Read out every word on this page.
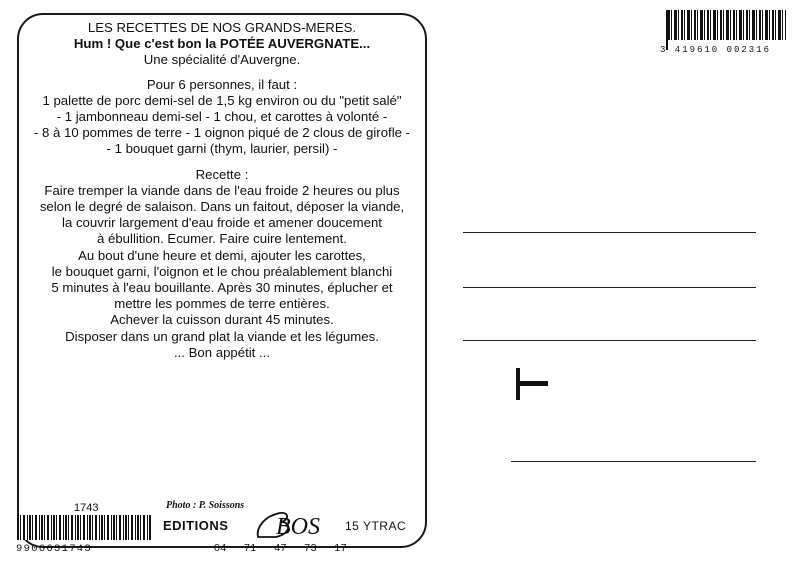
LES RECETTES DE NOS GRANDS-MERES.
Hum ! Que c'est bon la POTÉE AUVERGNATE...
Une spécialité d'Auvergne.
Pour 6 personnes, il faut :
1 palette de porc demi-sel de 1,5 kg environ ou du "petit salé"
- 1 jambonneau demi-sel - 1 chou, et carottes à volonté -
- 8 à 10 pommes de terre - 1 oignon piqué de 2 clous de girofle -
- 1 bouquet garni (thym, laurier, persil) -
Recette :
Faire tremper la viande dans de l'eau froide 2 heures ou plus
selon le degré de salaison. Dans un faitout, déposer la viande,
la couvrir largement d'eau froide et amener doucement
à ébullition. Ecumer. Faire cuire lentement.
Au bout d'une heure et demi, ajouter les carottes,
le bouquet garni, l'oignon et le chou préalablement blanchi
5 minutes à l'eau bouillante. Après 30 minutes, éplucher et
mettre les pommes de terre entières.
Achever la cuisson durant 45 minutes.
Disposer dans un grand plat la viande et les légumes.
... Bon appétit ...
3 419610 002316
1743
9906631743
Photo : P. Soissons
EDITIONS BOS 15 YTRAC
04 71 47 73 17
